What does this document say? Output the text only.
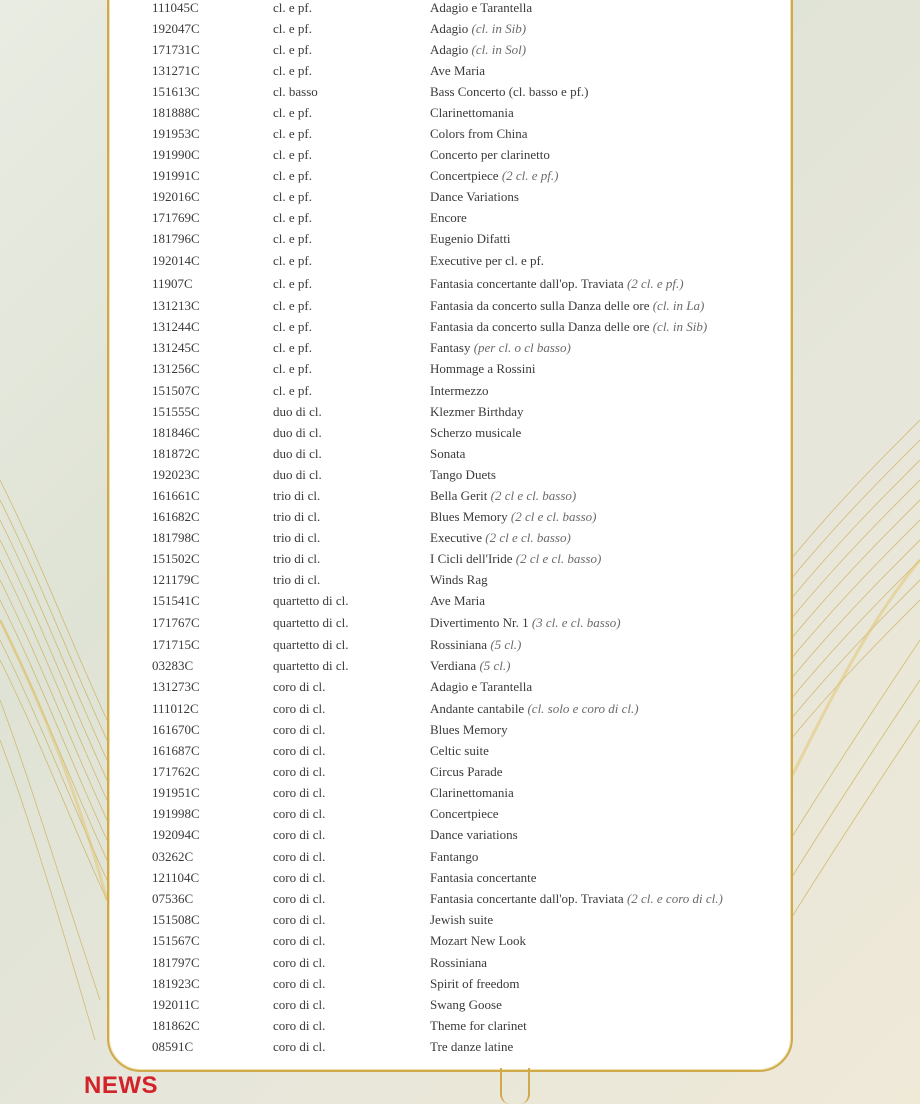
111045C	cl. e pf.	Adagio e Tarantella
192047C	cl. e pf.	Adagio (cl. in Sib)
171731C	cl. e pf.	Adagio (cl. in Sol)
131271C	cl. e pf.	Ave Maria
151613C	cl. basso	Bass Concerto (cl. basso e pf.)
181888C	cl. e pf.	Clarinettomania
191953C	cl. e pf.	Colors from China
191990C	cl. e pf.	Concerto per clarinetto
191991C	cl. e pf.	Concertpiece (2 cl. e pf.)
192016C	cl. e pf.	Dance Variations
171769C	cl. e pf.	Encore
181796C	cl. e pf.	Eugenio Difatti
192014C	cl. e pf.	Executive per cl. e pf.
11907C	cl. e pf.	Fantasia concertante dall'op. Traviata (2 cl. e pf.)
131213C	cl. e pf.	Fantasia da concerto sulla Danza delle ore (cl. in La)
131244C	cl. e pf.	Fantasia da concerto sulla Danza delle ore (cl. in Sib)
131245C	cl. e pf.	Fantasy (per cl. o cl basso)
131256C	cl. e pf.	Hommage a Rossini
151507C	cl. e pf.	Intermezzo
151555C	duo di cl.	Klezmer Birthday
181846C	duo di cl.	Scherzo musicale
181872C	duo di cl.	Sonata
192023C	duo di cl.	Tango Duets
161661C	trio di cl.	Bella Gerit (2 cl e cl. basso)
161682C	trio di cl.	Blues Memory (2 cl e cl. basso)
181798C	trio di cl.	Executive (2 cl e cl. basso)
151502C	trio di cl.	I Cicli dell'Iride (2 cl e cl. basso)
121179C	trio di cl.	Winds Rag
151541C	quartetto di cl.	Ave Maria
171767C	quartetto di cl.	Divertimento Nr. 1 (3 cl. e cl. basso)
171715C	quartetto di cl.	Rossiniana (5 cl.)
03283C	quartetto di cl.	Verdiana (5 cl.)
131273C	coro di cl.	Adagio e Tarantella
111012C	coro di cl.	Andante cantabile (cl. solo e coro di cl.)
161670C	coro di cl.	Blues Memory
161687C	coro di cl.	Celtic suite
171762C	coro di cl.	Circus Parade
191951C	coro di cl.	Clarinettomania
191998C	coro di cl.	Concertpiece
192094C	coro di cl.	Dance variations
03262C	coro di cl.	Fantango
121104C	coro di cl.	Fantasia concertante
07536C	coro di cl.	Fantasia concertante dall'op. Traviata (2 cl. e coro di cl.)
151508C	coro di cl.	Jewish suite
151567C	coro di cl.	Mozart New Look
181797C	coro di cl.	Rossiniana
181923C	coro di cl.	Spirit of freedom
192011C	coro di cl.	Swang Goose
181862C	coro di cl.	Theme for clarinet
08591C	coro di cl.	Tre danze latine
NEWS
